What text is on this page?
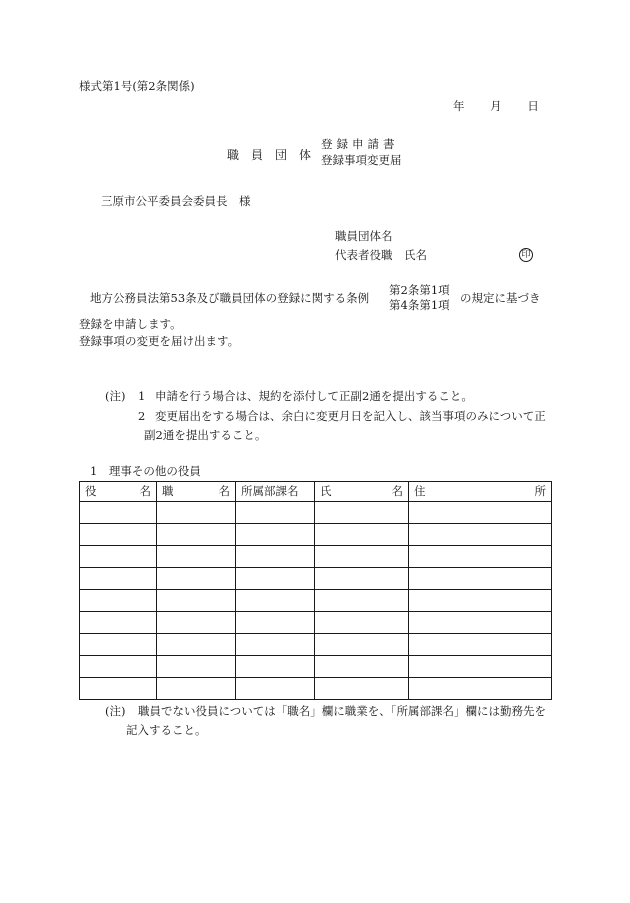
様式第1号(第2条関係)
年 月 日
職　員　団　体
登録申請書
登録事項変更届
三原市公平委員会委員長　様
職員団体名
代表者役職　氏名	印
地方公務員法第53条及び職員団体の登録に関する条例
第2条第1項
第4条第1項 の規定に基づき
登録を申請します。
登録事項の変更を届け出ます。
(注) 1 申請を行う場合は、規約を添付して正副2通を提出すること。
2 変更届出をする場合は、余白に変更月日を記入し、該当事項のみについて正
副2通を提出すること。
1　理事その他の役員
役 名	職 名	所属部課名	氏 名	住 所

(注) 職員でない役員については「職名」欄に職業を、「所属部課名」欄には勤務先を
記入すること。
